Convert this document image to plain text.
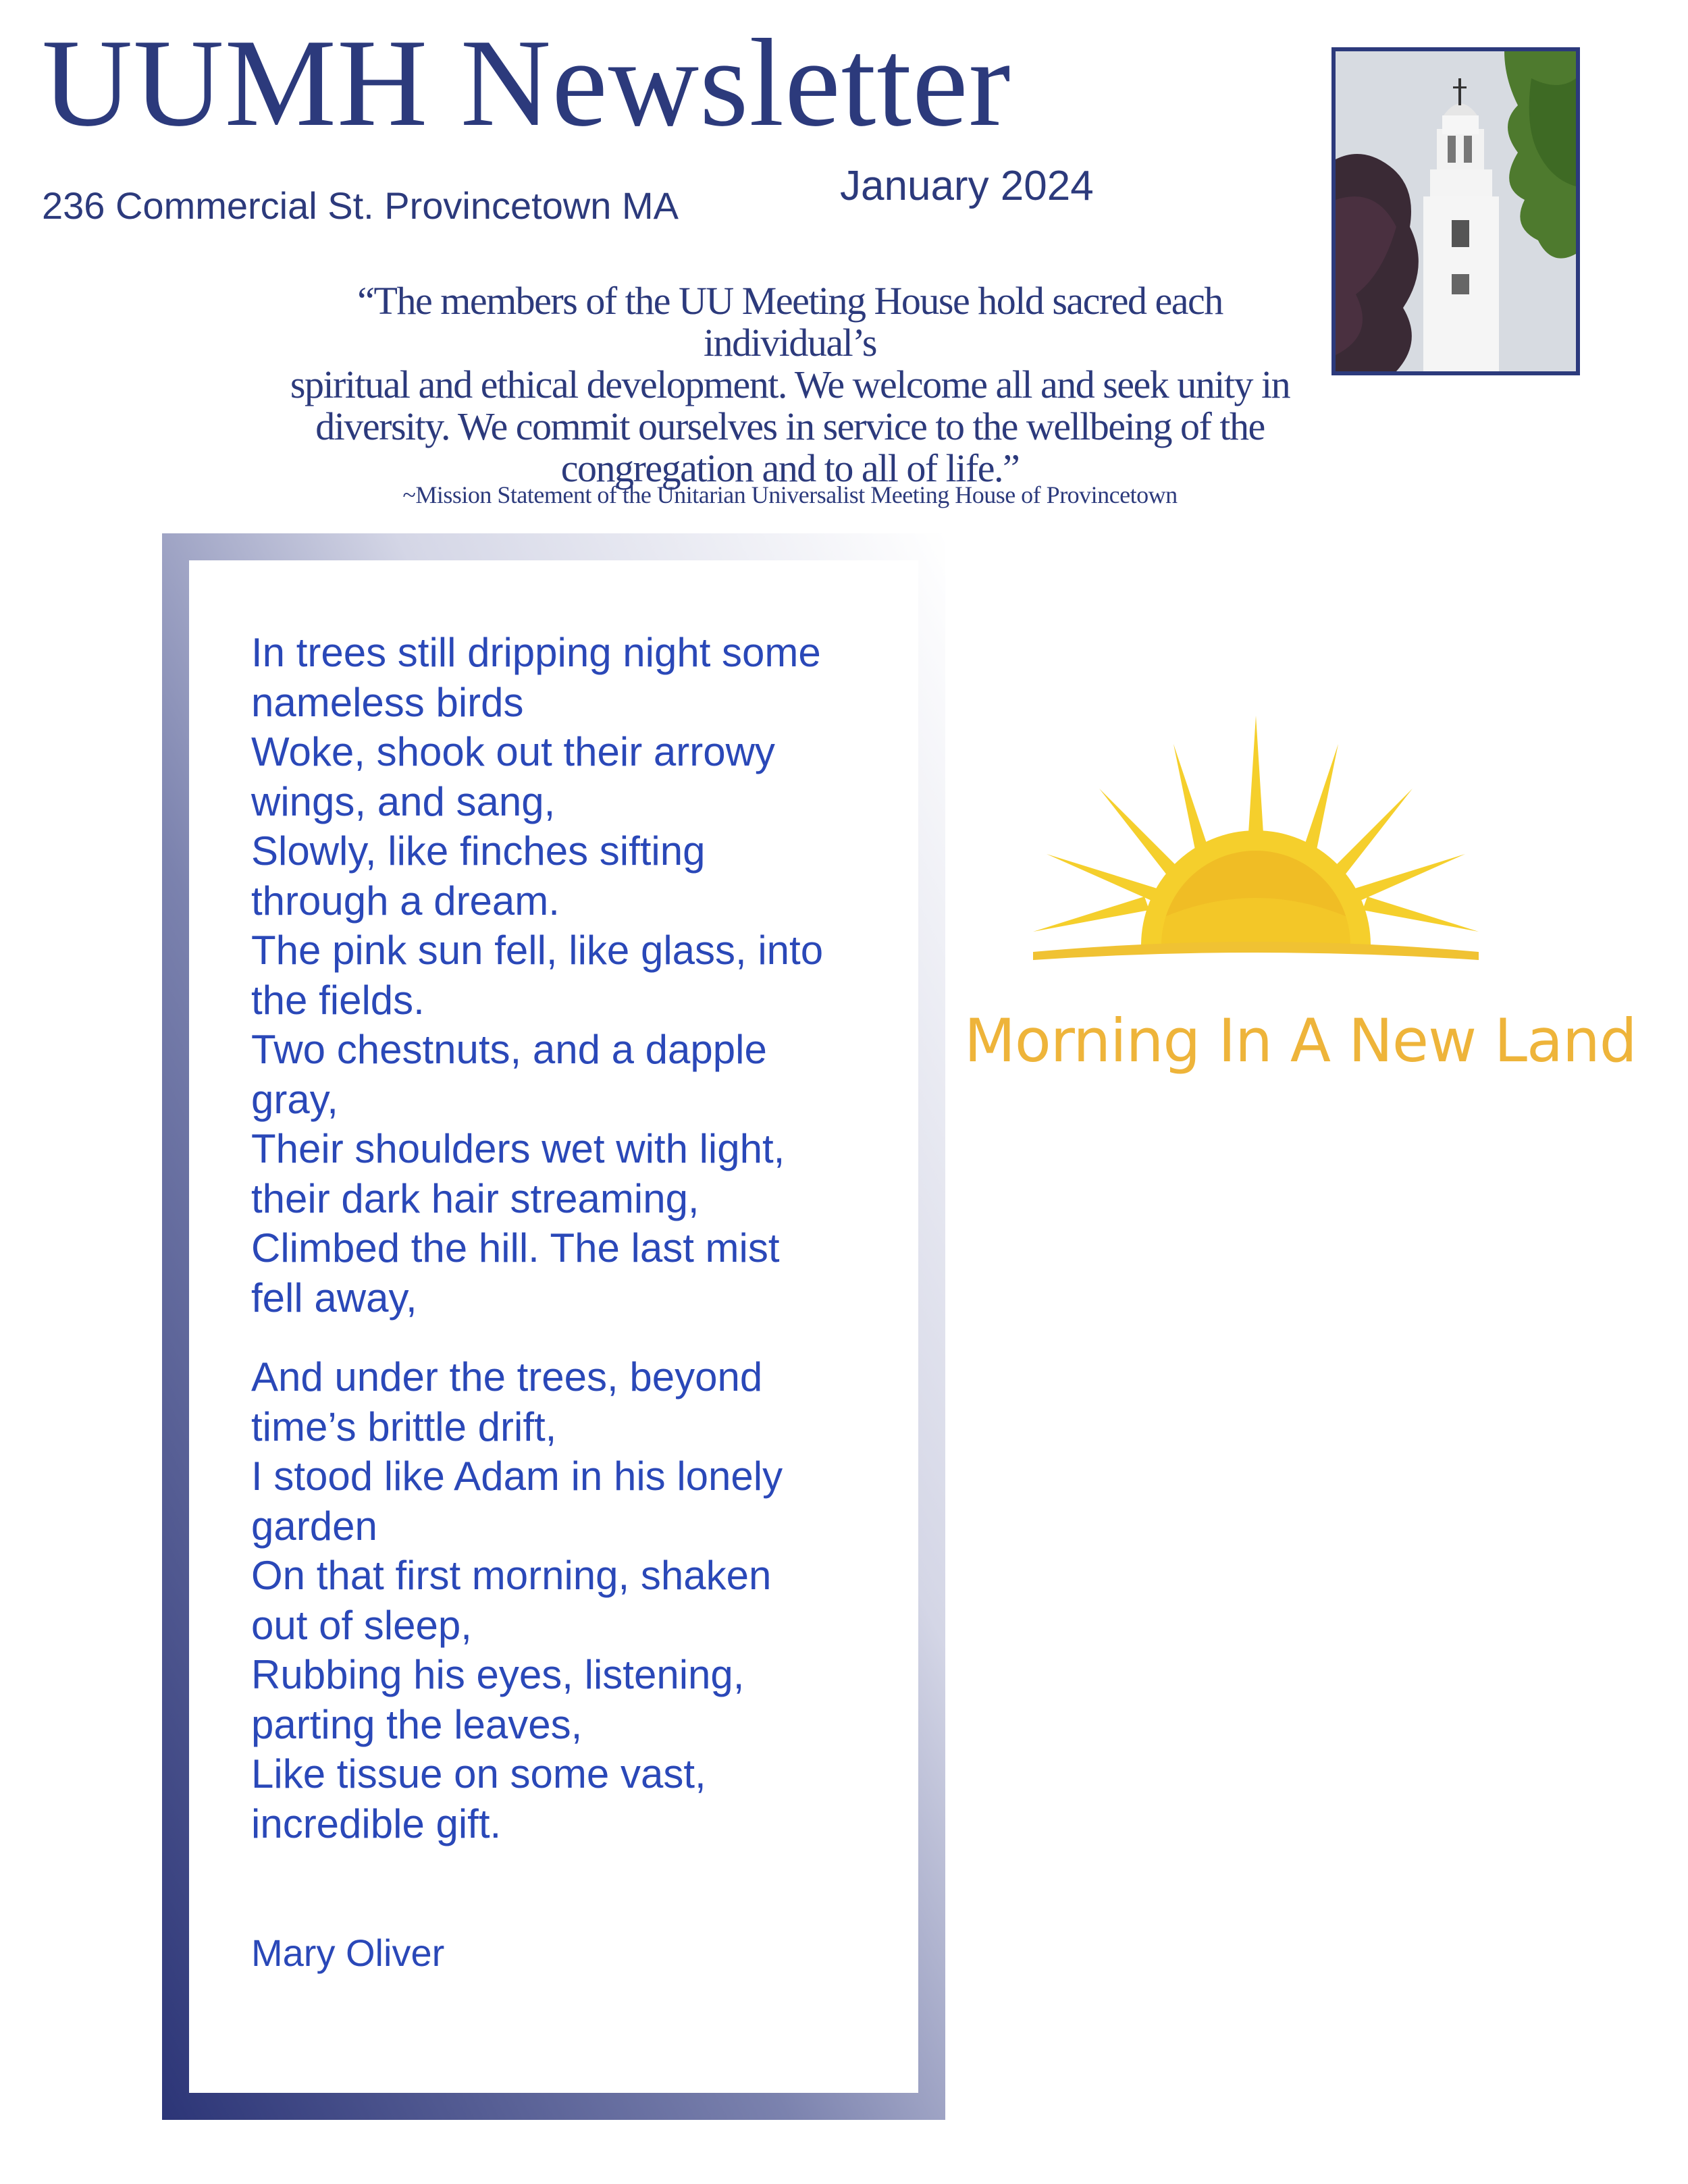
UUMH Newsletter
236 Commercial St. Provincetown MA	January 2024
“The members of the UU Meeting House hold sacred each individual’s
spiritual and ethical development. We welcome all and seek unity in
diversity. We commit ourselves in service to the wellbeing of the
congregation and to all of life.”
~Mission Statement of the Unitarian Universalist Meeting House of Provincetown
In trees still dripping night some
nameless birds
Woke, shook out their arrowy
wings, and sang,
Slowly, like finches sifting
through a dream.
The pink sun fell, like glass, into
the fields.
Two chestnuts, and a dapple
gray,
Their shoulders wet with light,
their dark hair streaming,
Climbed the hill. The last mist
fell away,
And under the trees, beyond
time’s brittle drift,
I stood like Adam in his lonely
garden
On that first morning, shaken
out of sleep,
Rubbing his eyes, listening,
parting the leaves,
Like tissue on some vast,
incredible gift.
Mary Oliver
Morning In A New Land
